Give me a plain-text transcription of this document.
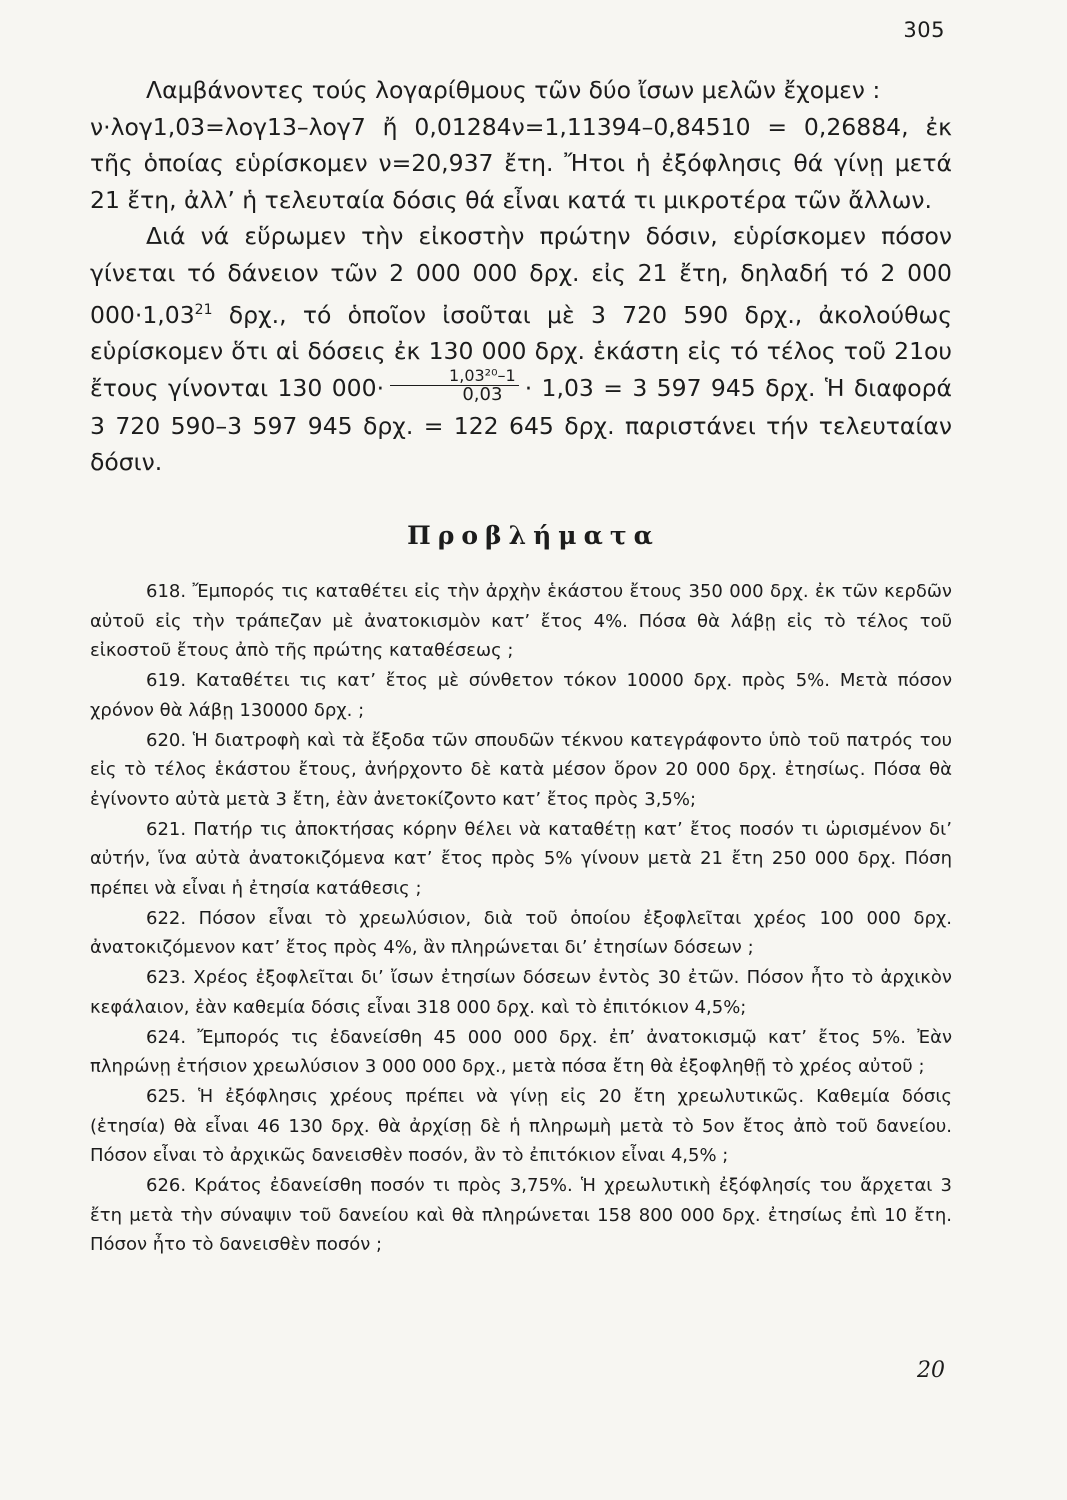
305

Λαμβάνοντες τούς λογαρίθμους τῶν δύο ἴσων μελῶν ἔχομεν :

ν·λογ1,03=λογ13–λογ7 ἤ 0,01284ν=1,11394–0,84510 = 0,26884, ἐκ τῆς ὁποίας εὑρίσκομεν ν=20,937 ἔτη. Ἤτοι ἡ ἐξόφλησις θά γίνῃ μετά 21 ἔτη, ἀλλ’ ἡ τελευταία δόσις θά εἶναι κατά τι μικροτέρα τῶν ἄλλων.

Διά νά εὕρωμεν τὴν εἰκοστὴν πρώτην δόσιν, εὑρίσκομεν πόσον γίνεται τό δάνειον τῶν 2 000 000 δρχ. εἰς 21 ἔτη, δηλαδή τό 2 000 $000\cdot 1,03^{21}$ δρχ., τό ὁποῖον ἰσοῦται μὲ 3 720 590 δρχ., ἀκολούθως εὑρίσκομεν ὅτι αἱ δόσεις ἐκ 130 000 δρχ. ἑκάστη εἰς τό τέλος τοῦ 21ου ἔτους γίνονται 130 $000\cdot \frac{\text{1,03²⁰–1}}{0,03} \cdot 1,03 = 3$ 597 945 δρχ. Ἡ διαφορά 3 720 590–3 597 945 δρχ. = 122 645 δρχ. παριστάνει τήν τελευταίαν δόσιν.

Προβλήματα

618. Ἔμπορός τις καταθέτει εἰς τὴν ἀρχὴν ἑκάστου ἔτους 350 000 δρχ. ἐκ τῶν κερδῶν αὐτοῦ εἰς τὴν τράπεζαν μὲ ἀνατοκισμὸν κατ’ ἔτος 4%. Πόσα θὰ λάβῃ εἰς τὸ τέλος τοῦ εἰκοστοῦ ἔτους ἀπὸ τῆς πρώτης καταθέσεως ;

619. Καταθέτει τις κατ’ ἔτος μὲ σύνθετον τόκον 10000 δρχ. πρὸς 5%. Μετὰ πόσον χρόνον θὰ λάβῃ 130000 δρχ. ;

620. Ἡ διατροφὴ καὶ τὰ ἔξοδα τῶν σπουδῶν τέκνου κατεγράφοντο ὑπὸ τοῦ πατρός του εἰς τὸ τέλος ἑκάστου ἔτους, ἀνήρχοντο δὲ κατὰ μέσον ὅρον 20 000 δρχ. ἐτησίως. Πόσα θὰ ἐγίνοντο αὐτὰ μετὰ 3 ἔτη, ἐὰν ἀνετοκίζοντο κατ’ ἔτος πρὸς 3,5%;

621. Πατήρ τις ἀποκτήσας κόρην θέλει νὰ καταθέτῃ κατ’ ἔτος ποσόν τι ὡρισμένον δι’ αὐτήν, ἵνα αὐτὰ ἀνατοκιζόμενα κατ’ ἔτος πρὸς 5% γίνουν μετὰ 21 ἔτη 250 000 δρχ. Πόση πρέπει νὰ εἶναι ἡ ἐτησία κατάθεσις ;

622. Πόσον εἶναι τὸ χρεωλύσιον, διὰ τοῦ ὁποίου ἐξοφλεῖται χρέος 100 000 δρχ. ἀνατοκιζόμενον κατ’ ἔτος πρὸς 4%, ἂν πληρώνεται δι’ ἐτησίων δόσεων ;

623. Χρέος ἐξοφλεῖται δι’ ἴσων ἐτησίων δόσεων ἐντὸς 30 ἐτῶν. Πόσον ἦτο τὸ ἀρχικὸν κεφάλαιον, ἐὰν καθεμία δόσις εἶναι 318 000 δρχ. καὶ τὸ ἐπιτόκιον 4,5%;

624. Ἔμπορός τις ἐδανείσθη 45 000 000 δρχ. ἐπ’ ἀνατοκισμῷ κατ’ ἔτος 5%. Ἐὰν πληρώνῃ ἐτήσιον χρεωλύσιον 3 000 000 δρχ., μετὰ πόσα ἔτη θὰ ἐξοφληθῇ τὸ χρέος αὐτοῦ ;

625. Ἡ ἐξόφλησις χρέους πρέπει νὰ γίνῃ εἰς 20 ἔτη χρεωλυτικῶς. Καθεμία δόσις (ἐτησία) θὰ εἶναι 46 130 δρχ. θὰ ἀρχίσῃ δὲ ἡ πληρωμὴ μετὰ τὸ 5ον ἔτος ἀπὸ τοῦ δανείου. Πόσον εἶναι τὸ ἀρχικῶς δανεισθὲν ποσόν, ἂν τὸ ἐπιτόκιον εἶναι 4,5% ;

626. Κράτος ἐδανείσθη ποσόν τι πρὸς 3,75%. Ἡ χρεωλυτικὴ ἐξόφλησίς του ἄρχεται 3 ἔτη μετὰ τὴν σύναψιν τοῦ δανείου καὶ θὰ πληρώνεται 158 800 000 δρχ. ἐτησίως ἐπὶ 10 ἔτη. Πόσον ἦτο τὸ δανεισθὲν ποσόν ;

20
